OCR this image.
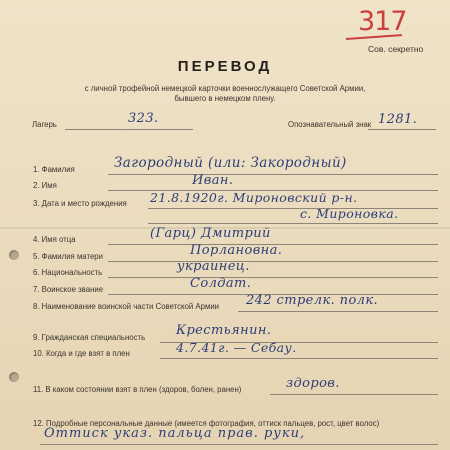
317
Сов. секретно
ПЕРЕВОД
с личной трофейной немецкой карточки военнослужащего Советской Армии,
бывшего в немецком плену.
Лагерь	323.	Опознавательный знак 1281.
1. Фамилия	Загородный (или: Закородный)
2. Имя	Иван.
3. Дата и место рождения 21.8.1920г. Мироновский р-н.
с. Мироновка.
4. Имя отца	(Гарц) Дмитрий
5. Фамилия матери	Порлановна.
6. Национальность	украинец.
7. Воинское звание	Солдат.
8. Наименование воинской части Советской Армии 242 стрелк. полк.
9. Гражданская специальность Крестьянин.
10. Когда и где взят в плен	4.7.41г. — Себау.
11. В каком состоянии взят в плен (здоров, болен, ранен)	здоров.
12. Подробные персональные данные (имеется фотография, оттиск пальцев, рост, цвет волос)
Оттиск указ. пальца прав. руки,
